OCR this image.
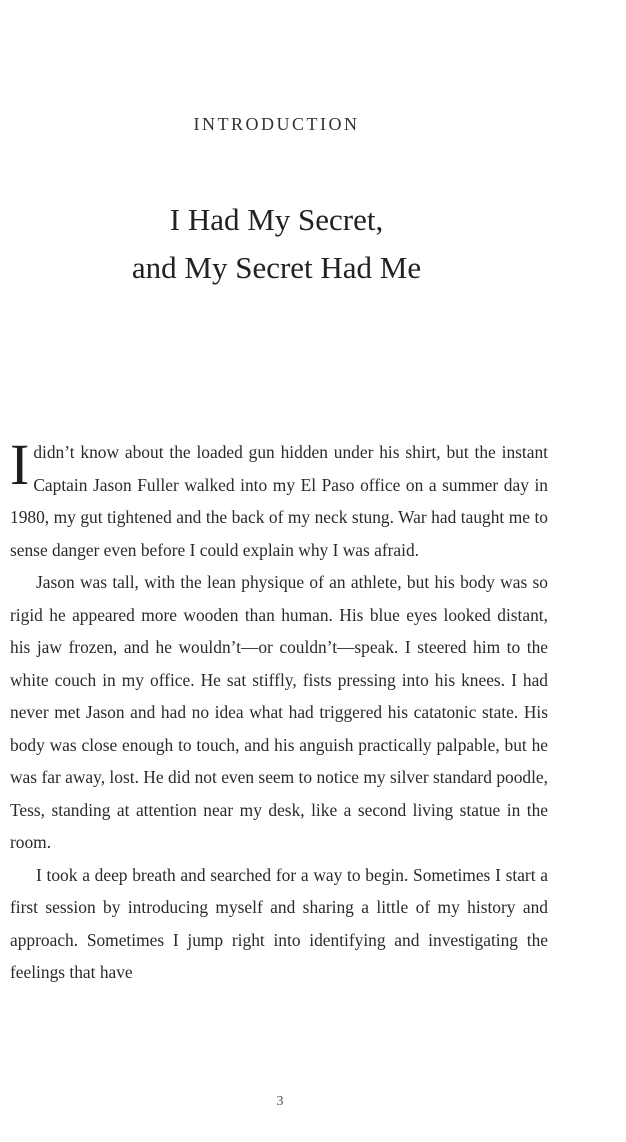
INTRODUCTION
I Had My Secret,
and My Secret Had Me

Ididn’t know about the loaded gun hidden under his shirt, but the instant Captain Jason Fuller walked into my El Paso office on a summer day in 1980, my gut tightened and the back of my neck stung. War had taught me to sense danger even before I could explain why I was afraid.

Jason was tall, with the lean physique of an athlete, but his body was so rigid he appeared more wooden than human. His blue eyes looked distant, his jaw frozen, and he wouldn’t—or couldn’t—speak. I steered him to the white couch in my office. He sat stiffly, fists pressing into his knees. I had never met Jason and had no idea what had triggered his catatonic state. His body was close enough to touch, and his anguish practically palpable, but he was far away, lost. He did not even seem to notice my silver standard poodle, Tess, standing at attention near my desk, like a second living statue in the room.

I took a deep breath and searched for a way to begin. Sometimes I start a first session by introducing myself and sharing a little of my history and approach. Sometimes I jump right into identifying and investigating the feelings that have

3
